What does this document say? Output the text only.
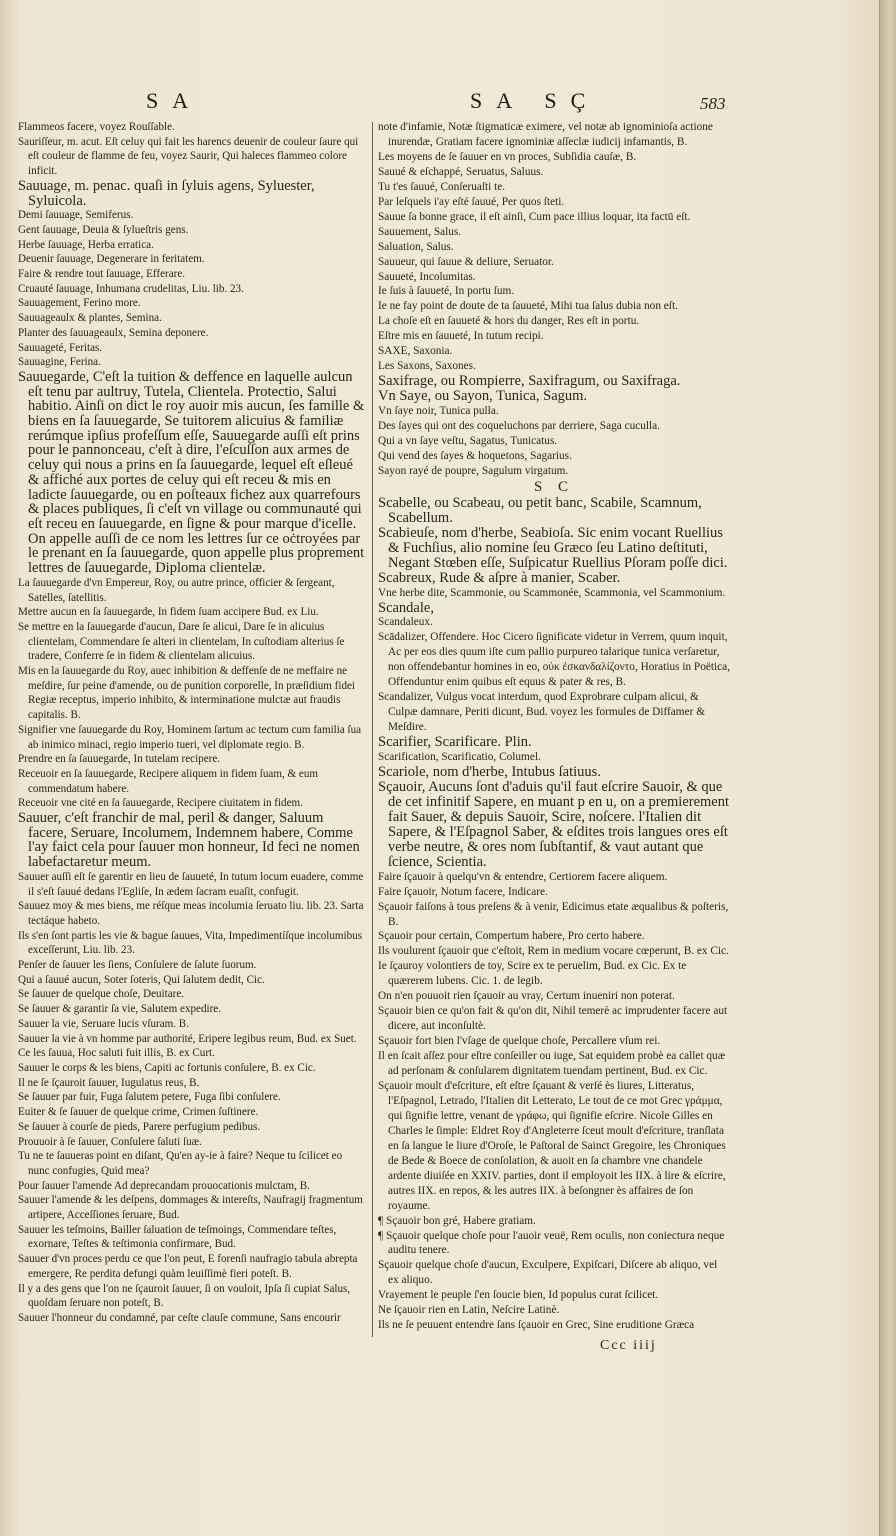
SA	SA SÇ	583

Flammeos facere, voyez Rouſſable.

Sauriſſeur, m. acut. Eſt celuy qui fait les harencs deuenir de couleur ſaure qui eſt couleur de flamme de feu, voyez Saurir, Qui haleces flammeo colore inficit.

Sauuage, m. penac. quaſi in ſyluis agens, Syluester, Syluicola.

Demi ſauuage, Semiferus.

Gent ſauuage, Deuia & ſylueſtris gens.

Herbe ſauuage, Herba erratica.

Deuenir ſauuage, Degenerare in feritatem.

Faire & rendre tout ſauuage, Efferare.

Cruauté ſauuage, Inhumana crudelitas, Liu. lib. 23.

Sauuagement, Ferino more.

Sauuageaulx & plantes, Semina.

Planter des ſauuageaulx, Semina deponere.

Sauuageté, Feritas.

Sauuagine, Ferina.

Sauuegarde, C'eſt la tuition & deffence en laquelle aulcun eſt tenu par aultruy, Tutela, Clientela. Protectio, Salui habitio. Ainſi on dict le roy auoir mis aucun, ſes famille & biens en ſa ſauuegarde, Se tuitorem alicuius & familiæ rerúmque ipſius profeſſum eſſe, Sauuegarde auſſi eſt prins pour le pannonceau, c'eſt à dire, l'eſcuſſon aux armes de celuy qui nous a prins en ſa ſauuegarde, lequel eſt eſleué & affiché aux portes de celuy qui eſt receu & mis en ladicte ſauuegarde, ou en poſteaux fichez aux quarrefours & places publiques, ſi c'eſt vn village ou communauté qui eſt receu en ſauuegarde, en ſigne & pour marque d'icelle. On appelle auſſi de ce nom les lettres ſur ce oċtroyées par le prenant en ſa ſauuegarde, quon appelle plus proprement lettres de ſauuegarde, Diploma clientelæ.

La ſauuegarde d'vn Empereur, Roy, ou autre prince, officier & ſergeant, Satelles, ſatellitis.

Mettre aucun en ſa ſauuegarde, In fidem ſuam accipere Bud. ex Liu.

Se mettre en la ſauuegarde d'aucun, Dare ſe alicui, Dare ſe in alicuius clientelam, Commendare ſe alteri in clientelam, In cuſtodiam alterius ſe tradere, Conferre ſe in fidem & clientelam alicuius.

Mis en la ſauuegarde du Roy, auec inhibition & deffenſe de ne meffaire ne meſdire, ſur peine d'amende, ou de punition corporelle, In præſidium fidei Regiæ receptus, imperio inhibito, & interminatione mulctæ aut fraudis capitalis. B.

Signifier vne ſauuegarde du Roy, Hominem ſartum ac tectum cum familia ſua ab inimico minaci, regio imperio tueri, vel diplomate regio. B.

Prendre en ſa ſauuegarde, In tutelam recipere.

Receuoir en ſa ſauuegarde, Recipere aliquem in fidem ſuam, & eum commendatum habere.

Receuoir vne cité en ſa ſauuegarde, Recipere ciuitatem in fidem.

Sauuer, c'eſt franchir de mal, peril & danger, Saluum facere, Seruare, Incolumem, Indemnem habere, Comme l'ay faict cela pour ſauuer mon honneur, Id feci ne nomen labefactaretur meum.

Sauuer auſſi eſt ſe garentir en lieu de ſauueté, In tutum locum euadere, comme il s'eſt ſauué dedans l'Egliſe, In ædem ſacram euaſit, confugit.

Sauuez moy & mes biens, me réſque meas incolumia ſeruato liu. lib. 23. Sarta tectáque habeto.

Ils s'en ſont partis les vie & bague ſauues, Vita, Impedimentíſque incolumibus exceſſerunt, Liu. lib. 23.

Penſer de ſauuer les ſiens, Conſulere de ſalute ſuorum.

Qui a ſauué aucun, Soter ſoteris, Qui ſalutem dedit, Cic.

Se ſauuer de quelque choſe, Deuitare.

Se ſauuer & garantir ſa vie, Salutem expedire.

Sauuer la vie, Seruare lucis vſuram. B.

Sauuer la vie à vn homme par authorité, Eripere legibus reum, Bud. ex Suet.

Ce les ſauua, Hoc saluti fuit illis, B. ex Curt.

Sauuer le corps & les biens, Capiti ac fortunis conſulere, B. ex Cic.

Il ne ſe ſçauroit ſauuer, Iugulatus reus, B.

Se ſauuer par fuir, Fuga ſalutem petere, Fuga ſibi conſulere.

Euiter & ſe ſauuer de quelque crime, Crimen ſuſtinere.

Se ſauuer à courſe de pieds, Parere perfugium pedibus.

Prouuoir à ſe ſauuer, Conſulere ſaluti ſuæ.

Tu ne te ſauueras point en diſant, Qu'en ay-ie à faire? Neque tu ſcilicet eo nunc confugies, Quid mea?

Pour ſauuer l'amende Ad deprecandam prouocationis mulctam, B.

Sauuer l'amende & les deſpens, dommages & intereſts, Naufragij fragmentum artipere, Acceſſiones ſeruare, Bud.

Sauuer les teſmoins, Bailler ſaluation de teſmoings, Commendare teſtes, exornare, Teſtes & teſtimonia confirmare, Bud.

Sauuer d'vn proces perdu ce que l'on peut, E forenſi naufragio tabula abrepta emergere, Re perdita defungi quàm leuiſſimè fieri poteſt. B.

Il y a des gens que l'on ne ſçauroit ſauuer, ſi on vouloit, Ipſa ſi cupiat Salus, quoſdam ſeruare non poteſt, B.

Sauuer l'honneur du condamné, par ceſte clauſe commune, Sans encourir

note d'infamie, Notæ ſtigmaticæ eximere, vel notæ ab ignominioſa actione inurendæ, Gratiam facere ignominiæ aſſeclæ iudicij infamantis, B.

Les moyens de ſe ſauuer en vn proces, Subſidia cauſæ, B.

Sauué & eſchappé, Seruatus, Saluus.

Tu t'es ſauué, Conſeruaſti te.

Par leſquels i'ay eſté ſauué, Per quos ſteti.

Sauue ſa bonne grace, il eſt ainſi, Cum pace illius loquar, ita factū eſt.

Sauuement, Salus.

Saluation, Salus.

Sauueur, qui ſauue & deliure, Seruator.

Sauueté, Incolumitas.

Ie ſuis à ſauueté, In portu ſum.

Ie ne fay point de doute de ta ſauueté, Mihi tua ſalus dubia non eſt.

La choſe eſt en ſauueté & hors du danger, Res eſt in portu.

Eſtre mis en ſauueté, In tutum recipi.

SAXE, Saxonia.

Les Saxons, Saxones.

Saxifrage, ou Rompierre, Saxifragum, ou Saxifraga.

Vn Saye, ou Sayon, Tunica, Sagum.

Vn ſaye noir, Tunica pulla.

Des ſayes qui ont des coqueluchons par derriere, Saga cucullа.

Qui a vn ſaye veſtu, Sagatus, Tunicatus.

Qui vend des ſayes & hoquetons, Sagarius.

Sayon rayé de poupre, Sagulum virgatum.

S C

Scabelle, ou Scabeau, ou petit banc, Scabile, Scamnum, Scabellum.

Scabieuſe, nom d'herbe, Seabioſa. Sic enim vocant Ruellius & Fuchſius, alio nomine ſeu Græco ſeu Latino deſtituti, Negant Stœben eſſe, Suſpicatur Ruellius Pſoram poſſe dici.

Scabreux, Rude & aſpre à manier, Scaber.

Vne herbe dite, Scammonie, ou Scammonée, Scammonia, vel Scammonium.

Scandale,

Scandaleux.

Scādalizer, Offendere. Hoc Cicero ſignificate videtur in Verrem, quum inquit, Ac per eos dies quum iſte cum pallio purpureo talarique tunica verſaretur, non offendebantur homines in eo, οὐκ ἐσκανδαλίζοντο, Horatius in Poëtica, Offenduntur enim quibus eſt equus & pater & res, B.

Scandalizer, Vulgus vocat interdum, quod Exprobrare culpam alicui, & Culpæ damnare, Periti dicunt, Bud. voyez les formules de Diffamer & Meſdire.

Scarifier, Scarificare. Plin.

Scarification, Scarificatio, Columel.

Scariole, nom d'herbe, Intubus ſatiuus.

Sçauoir, Aucuns ſont d'aduis qu'il faut eſcrire Sauoir, & que de cet infinitif Sapere, en muant p en u, on a premierement fait Sauer, & depuis Sauoir, Scire, noſcere. l'Italien dit Sapere, & l'Eſpagnol Saber, & eſdites trois langues ores eſt verbe neutre, & ores nom ſubſtantif, & vaut autant que ſcience, Scientia.

Faire ſçauoir à quelqu'vn & entendre, Certiorem facere aliquem.

Faire ſçauoir, Notum facere, Indicare.

Sçauoir faiſons à tous preſens & à venir, Edicimus etate æqualibus & poſteris, B.

Sçauoir pour certain, Compertum habere, Pro certo habere.

Ils voulurent ſçauoir que c'eſtoit, Rem in medium vocare cœperunt, B. ex Cic.

Ie ſçauroy volontiers de toy, Scire ex te peruelim, Bud. ex Cic. Ex te quærerem lubens. Cic. 1. de legib.

On n'en pouuoit rien ſçauoir au vray, Certum inueniri non poterat.

Sçauoir bien ce qu'on fait & qu'on dit, Nihil temerè ac imprudenter facere aut dicere, aut inconſultè.

Sçauoir fort bien l'vſage de quelque choſe, Percallere vſum rei.

Il en ſcait aſſez pour eſtre conſeiller ou iuge, Sat equidem probè ea callet quæ ad perſonam & conſularem dignitatem tuendam pertinent, Bud. ex Cic.

Sçauoir moult d'eſcriture, eſt eſtre ſçauant & verſé ès liures, Litteratus, l'Eſpagnol, Letrado, l'Italien dit Letterato, Le tout de ce mot Grec γράμμα, qui ſignifie lettre, venant de γράφω, qui ſignifie eſcrire. Nicole Gilles en Charles le ſimple: Eldret Roy d'Angleterre ſceut moult d'eſcriture, tranſlata en ſa langue le liure d'Oroſe, le Paſtoral de Sainct Gregoire, les Chroniques de Bede & Boece de conſolation, & auoit en ſa chambre vne chandele ardente diuiſée en XXIV. parties, dont il employoit les IIX. à lire & eſcrire, autres IIX. en repos, & les autres IIX. à beſongner ès affaires de ſon royaume.

¶ Sçauoir bon gré, Habere gratiam.

¶ Sçauoir quelque choſe pour l'auoir veuë, Rem oculis, non coniectura neque auditu tenere.

Sçauoir quelque choſe d'aucun, Exculpere, Expiſcari, Diſcere ab aliquo, vel ex aliquo.

Vrayement le peuple ſ'en ſoucie bien, Id populus curat ſcilicet.

Ne ſçauoir rien en Latin, Neſcire Latinè.

Ils ne ſe peuuent entendre ſans ſçauoir en Grec, Sine eruditione Græca

Ccc iiij
